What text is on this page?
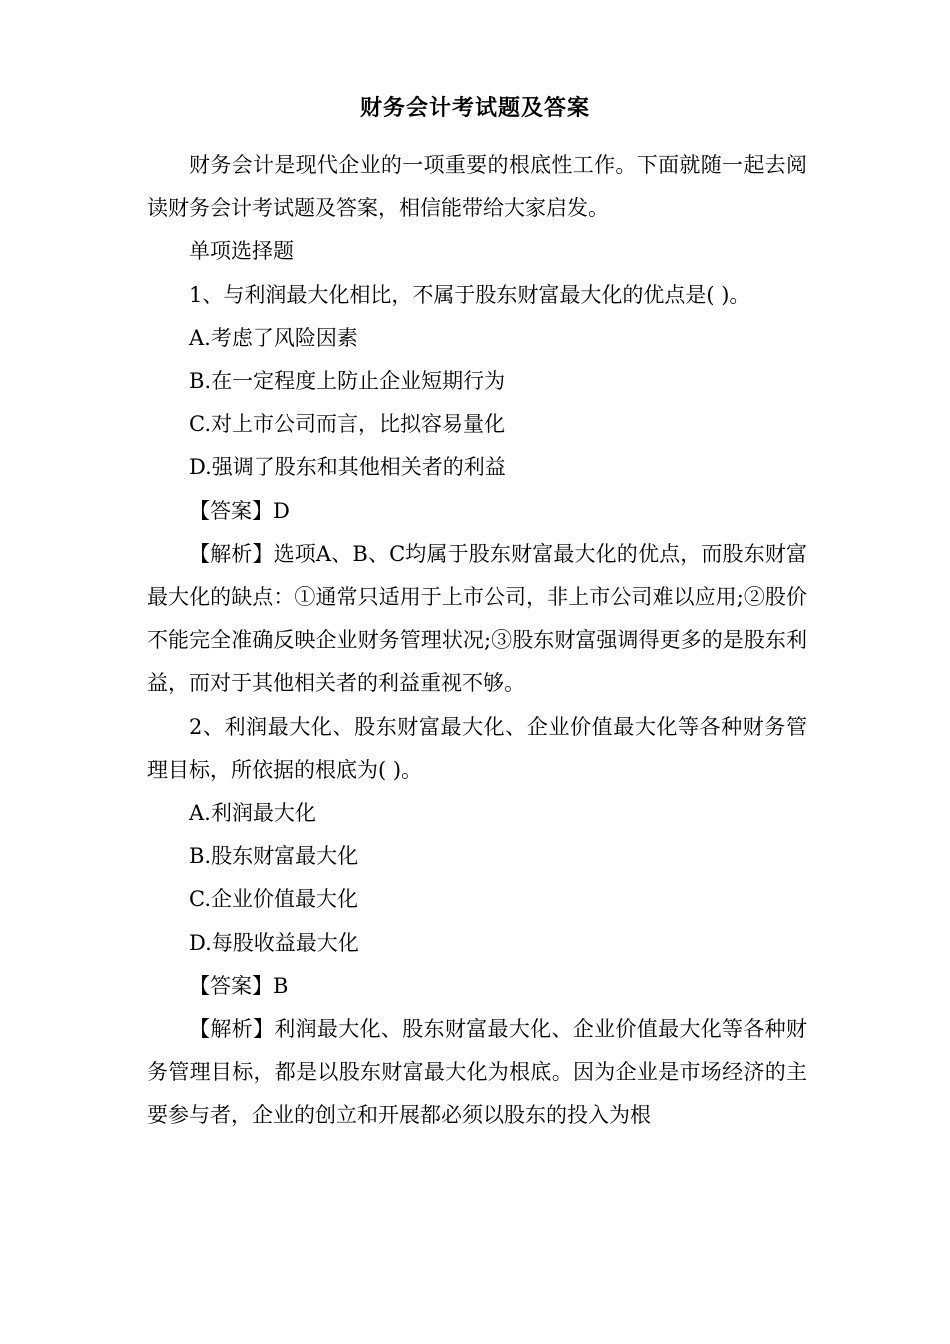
财务会计考试题及答案

财务会计是现代企业的一项重要的根底性工作。下面就随一起去阅读财务会计考试题及答案，相信能带给大家启发。

单项选择题

1、与利润最大化相比，不属于股东财富最大化的优点是( )。

A.考虑了风险因素

B.在一定程度上防止企业短期行为

C.对上市公司而言，比拟容易量化

D.强调了股东和其他相关者的利益

【答案】D

【解析】选项A、B、C均属于股东财富最大化的优点，而股东财富最大化的缺点：①通常只适用于上市公司，非上市公司难以应用;②股价不能完全准确反映企业财务管理状况;③股东财富强调得更多的是股东利益，而对于其他相关者的利益重视不够。

2、利润最大化、股东财富最大化、企业价值最大化等各种财务管理目标，所依据的根底为( )。

A.利润最大化

B.股东财富最大化

C.企业价值最大化

D.每股收益最大化

【答案】B

【解析】利润最大化、股东财富最大化、企业价值最大化等各种财务管理目标，都是以股东财富最大化为根底。因为企业是市场经济的主要参与者，企业的创立和开展都必须以股东的投入为根
